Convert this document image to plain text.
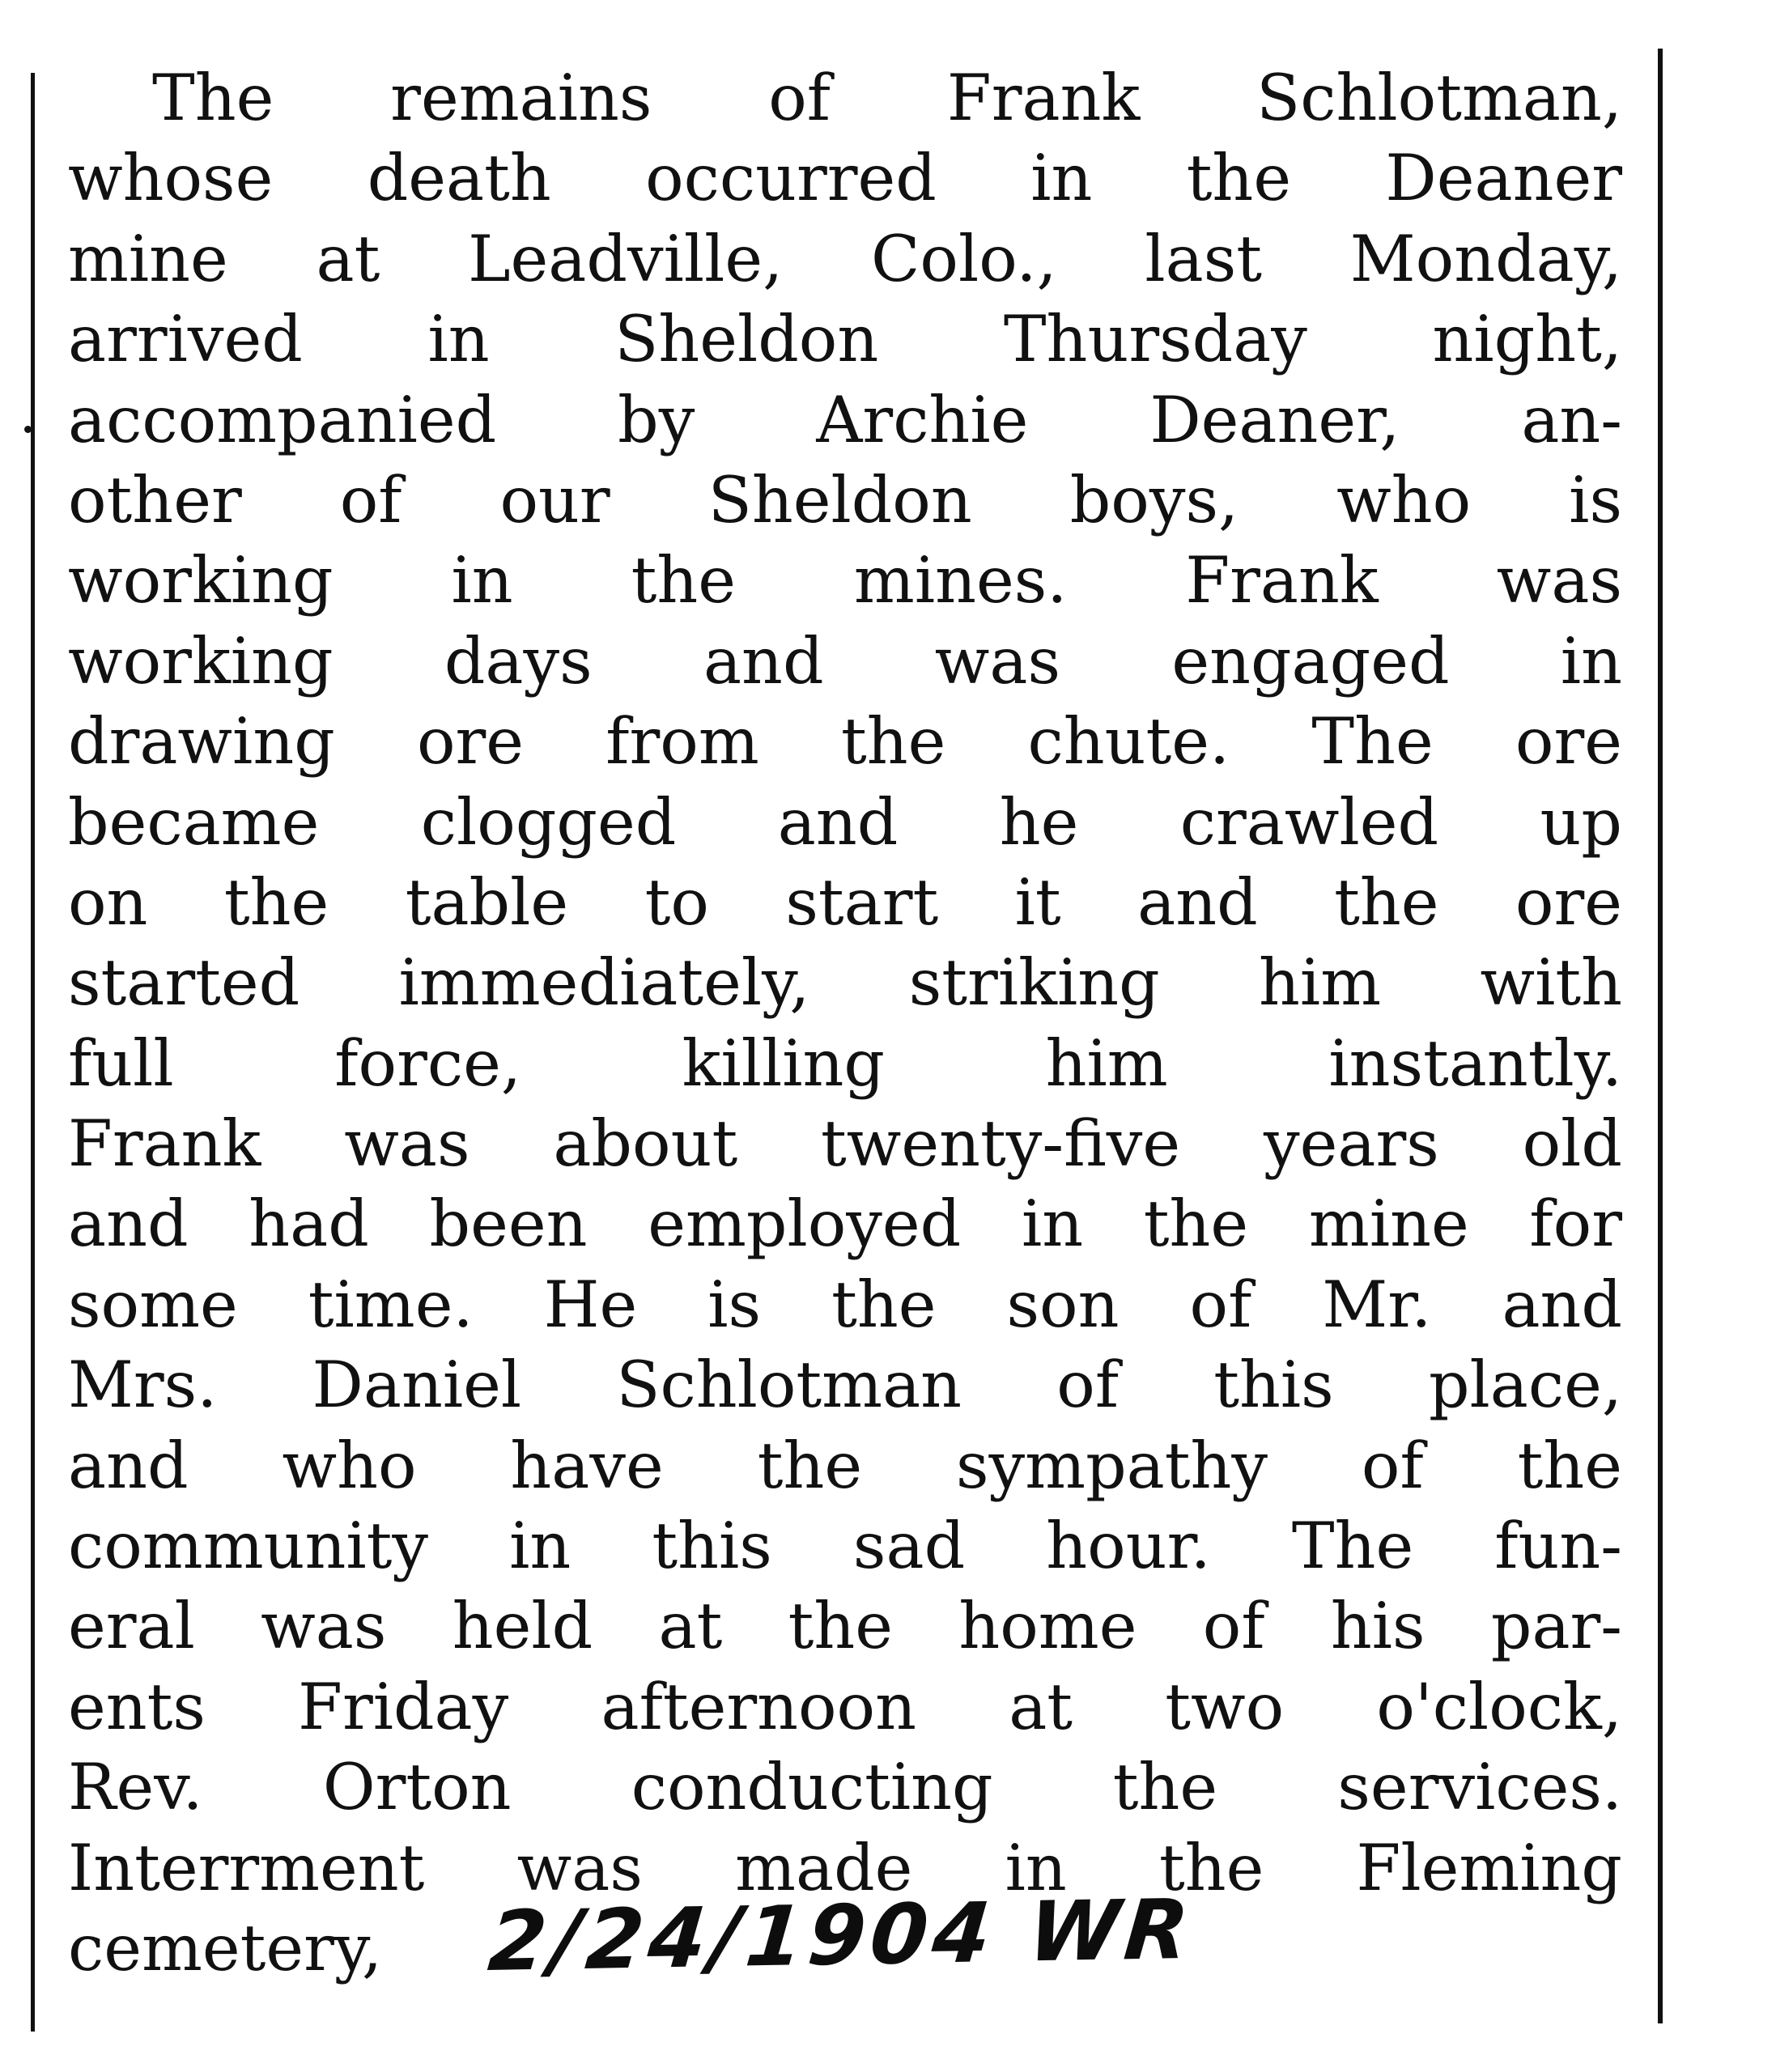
The remains of Frank Schlotman,
whose death occurred in the Deaner
mine at Leadville, Colo., last Monday,
arrived in Sheldon Thursday night,
accompanied by Archie Deaner, an-
other of our Sheldon boys, who is
working in the mines. Frank was
working days and was engaged in
drawing ore from the chute. The ore
became clogged and he crawled up
on the table to start it and the ore
started immediately, striking him with
full force, killing him instantly.
Frank was about twenty-five years old
and had been employed in the mine for
some time. He is the son of Mr. and
Mrs. Daniel Schlotman of this place,
and who have the sympathy of the
community in this sad hour. The fun-
eral was held at the home of his par-
ents Friday afternoon at two o'clock,
Rev. Orton conducting the services.
Interrment was made in the Fleming
cemetery, 2/24/1904 WR
